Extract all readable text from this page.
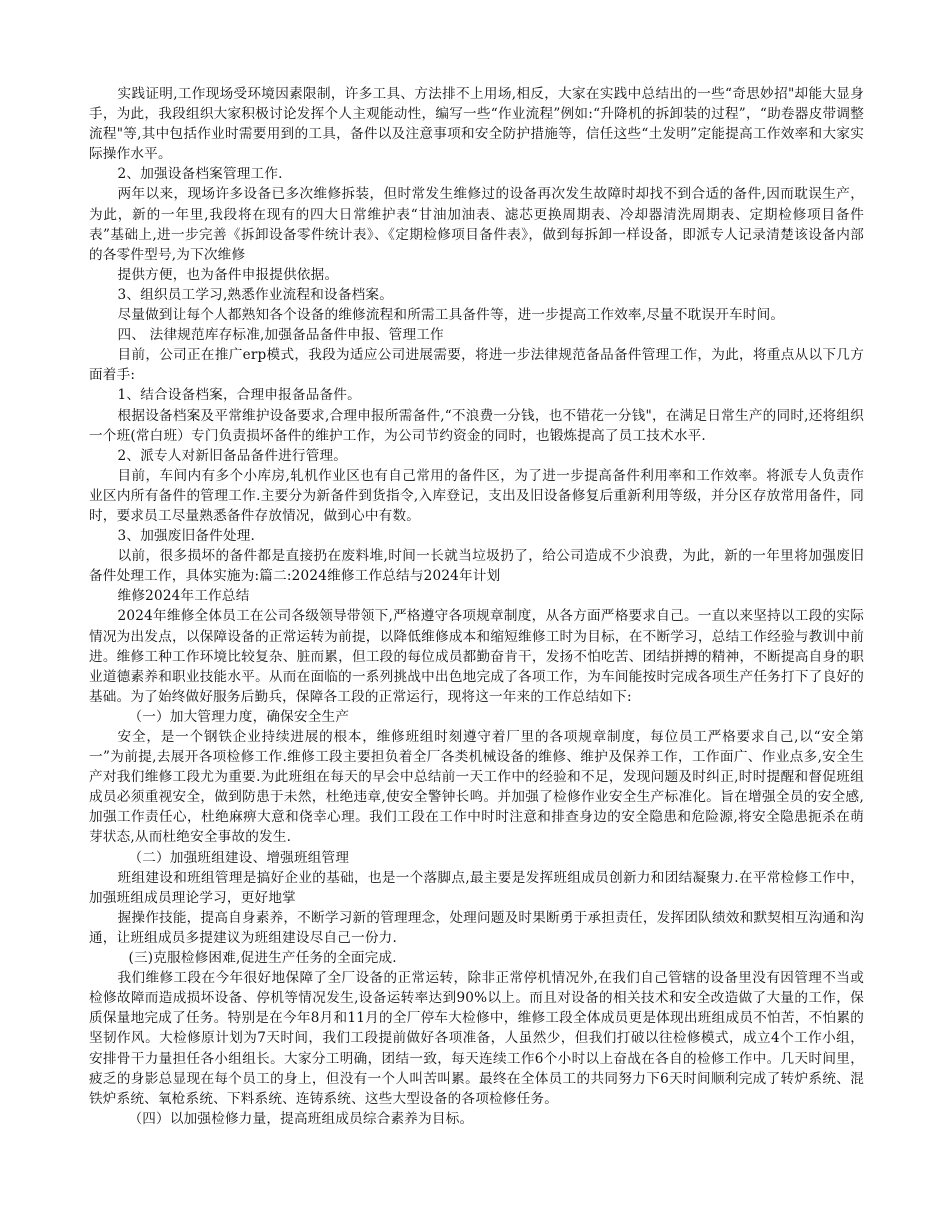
实践证明,工作现场受环境因素限制，许多工具、方法排不上用场,相反，大家在实践中总结出的一些“奇思妙招"却能大显身手，为此，我段组织大家积极讨论发挥个人主观能动性，编写一些“作业流程”例如:“升降机的拆卸装的过程”，“助卷器皮带调整流程"等,其中包括作业时需要用到的工具，备件以及注意事项和安全防护措施等，信任这些“土发明”定能提高工作效率和大家实际操作水平。

2、加强设备档案管理工作.

两年以来，现场许多设备已多次维修拆装，但时常发生维修过的设备再次发生故障时却找不到合适的备件,因而耽误生产，为此，新的一年里,我段将在现有的四大日常维护表“甘油加油表、滤芯更换周期表、冷却器清洗周期表、定期检修项目备件表”基础上,进一步完善《拆卸设备零件统计表》、《定期检修项目备件表》，做到每拆卸一样设备，即派专人记录清楚该设备内部的各零件型号,为下次维修

提供方便，也为备件申报提供依据。

3、组织员工学习,熟悉作业流程和设备档案。

尽量做到让每个人都熟知各个设备的维修流程和所需工具备件等，进一步提高工作效率,尽量不耽误开车时间。

四、 法律规范库存标准,加强备品备件申报、管理工作

目前，公司正在推广erp模式，我段为适应公司进展需要，将进一步法律规范备品备件管理工作，为此，将重点从以下几方面着手:

1、结合设备档案，合理申报备品备件。

根据设备档案及平常维护设备要求,合理申报所需备件,“不浪费一分钱，也不错花一分钱"，在满足日常生产的同时,还将组织一个班(常白班）专门负责损坏备件的维护工作，为公司节约资金的同时，也锻炼提高了员工技术水平.

2、派专人对新旧备品备件进行管理。

目前，车间内有多个小库房,轧机作业区也有自己常用的备件区，为了进一步提高备件利用率和工作效率。将派专人负责作业区内所有备件的管理工作.主要分为新备件到货指令,入库登记，支出及旧设备修复后重新利用等级，并分区存放常用备件，同时，要求员工尽量熟悉备件存放情况，做到心中有数。

3、加强废旧备件处理.

以前，很多损坏的备件都是直接扔在废料堆,时间一长就当垃圾扔了，给公司造成不少浪费，为此，新的一年里将加强废旧备件处理工作，具体实施为:篇二:2024维修工作总结与2024年计划

维修2024年工作总结

2024年维修全体员工在公司各级领导带领下,严格遵守各项规章制度，从各方面严格要求自己。一直以来坚持以工段的实际情况为出发点，以保障设备的正常运转为前提，以降低维修成本和缩短维修工时为目标，在不断学习，总结工作经验与教训中前进。维修工种工作环境比较复杂、脏而累，但工段的每位成员都勤奋肯干，发扬不怕吃苦、团结拼搏的精神，不断提高自身的职业道德素养和职业技能水平。从而在面临的一系列挑战中出色地完成了各项工作，为车间能按时完成各项生产任务打下了良好的基础。为了始终做好服务后勤兵，保障各工段的正常运行，现将这一年来的工作总结如下:

（一）加大管理力度，确保安全生产

安全，是一个钢铁企业持续进展的根本，维修班组时刻遵守着厂里的各项规章制度，每位员工严格要求自己,以“安全第一”为前提,去展开各项检修工作.维修工段主要担负着全厂各类机械设备的维修、维护及保养工作，工作面广、作业点多,安全生产对我们维修工段尤为重要.为此班组在每天的早会中总结前一天工作中的经验和不足，发现问题及时纠正,时时提醒和督促班组成员必须重视安全，做到防患于未然，杜绝违章,使安全警钟长鸣。并加强了检修作业安全生产标准化。旨在增强全员的安全感,加强工作责任心，杜绝麻痹大意和侥幸心理。我们工段在工作中时时注意和排查身边的安全隐患和危险源,将安全隐患扼杀在萌芽状态,从而杜绝安全事故的发生.

（二）加强班组建设、增强班组管理

班组建设和班组管理是搞好企业的基础，也是一个落脚点,最主要是发挥班组成员创新力和团结凝聚力.在平常检修工作中，加强班组成员理论学习，更好地掌

握操作技能，提高自身素养，不断学习新的管理理念，处理问题及时果断勇于承担责任，发挥团队绩效和默契相互沟通和沟通，让班组成员多提建议为班组建设尽自己一份力.

(三)克服检修困难,促进生产任务的全面完成.

我们维修工段在今年很好地保障了全厂设备的正常运转，除非正常停机情况外,在我们自己管辖的设备里没有因管理不当或检修故障而造成损坏设备、停机等情况发生,设备运转率达到90%以上。而且对设备的相关技术和安全改造做了大量的工作，保质保量地完成了任务。特别是在今年8月和11月的全厂停车大检修中，维修工段全体成员更是体现出班组成员不怕苦，不怕累的坚韧作风。大检修原计划为7天时间，我们工段提前做好各项准备，人虽然少，但我们打破以往检修模式，成立4个工作小组，安排骨干力量担任各小组组长。大家分工明确，团结一致，每天连续工作6个小时以上奋战在各自的检修工作中。几天时间里，疲乏的身影总显现在每个员工的身上，但没有一个人叫苦叫累。最终在全体员工的共同努力下6天时间顺利完成了转炉系统、混铁炉系统、氧枪系统、下料系统、连铸系统、这些大型设备的各项检修任务。

（四）以加强检修力量，提高班组成员综合素养为目标。
